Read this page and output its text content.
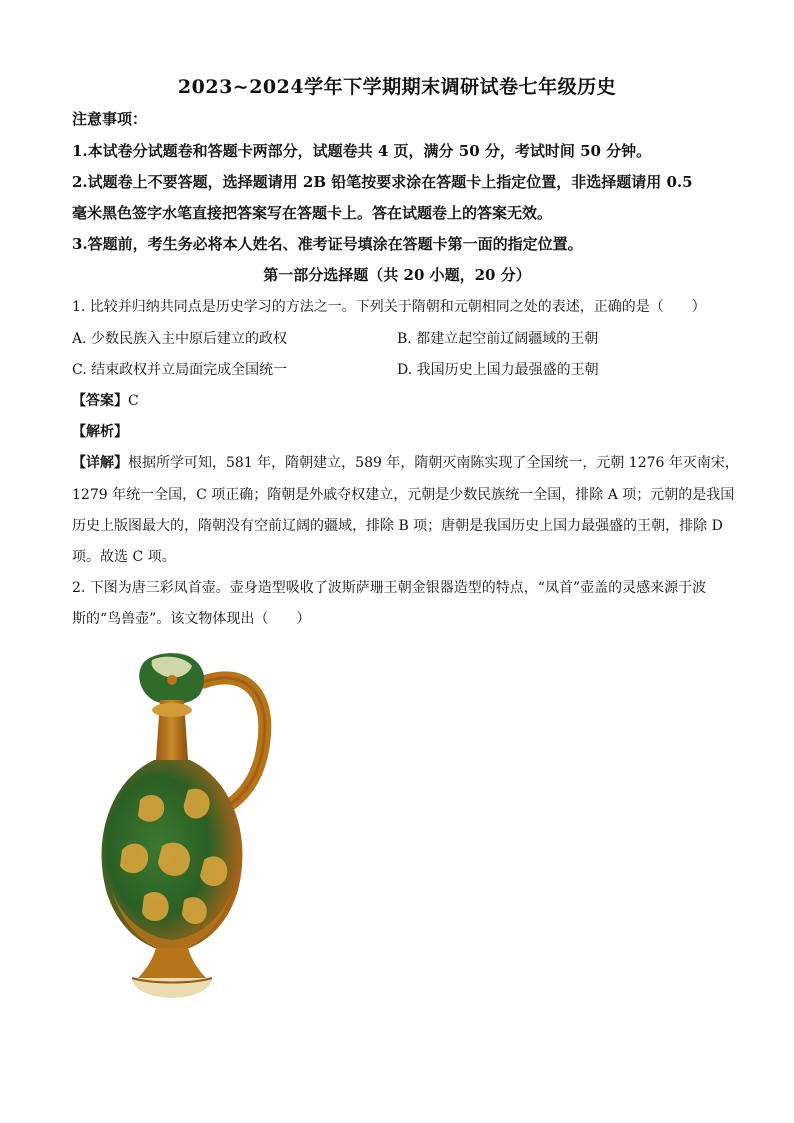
2023~2024学年下学期期末调研试卷七年级历史
注意事项：
1.本试卷分试题卷和答题卡两部分，试题卷共 4 页，满分 50 分，考试时间 50 分钟。
2.试题卷上不要答题，选择题请用 2B 铅笔按要求涂在答题卡上指定位置，非选择题请用 0.5
毫米黑色签字水笔直接把答案写在答题卡上。答在试题卷上的答案无效。
3.答题前，考生务必将本人姓名、准考证号填涂在答题卡第一面的指定位置。
第一部分选择题（共 20 小题，20 分）
1. 比较并归纳共同点是历史学习的方法之一。下列关于隋朝和元朝相同之处的表述，正确的是（　　）
A. 少数民族入主中原后建立的政权	B. 都建立起空前辽阔疆域的王朝
C. 结束政权并立局面完成全国统一	D. 我国历史上国力最强盛的王朝
【答案】C
【解析】
【详解】根据所学可知，581 年，隋朝建立，589 年，隋朝灭南陈实现了全国统一，元朝 1276 年灭南宋，
1279 年统一全国，C 项正确；隋朝是外戚夺权建立，元朝是少数民族统一全国，排除 A 项；元朝的是我国
历史上版图最大的，隋朝没有空前辽阔的疆域，排除 B 项；唐朝是我国历史上国力最强盛的王朝，排除 D
项。故选 C 项。
2. 下图为唐三彩凤首壶。壶身造型吸收了波斯萨珊王朝金银器造型的特点，“凤首”壶盖的灵感来源于波
斯的“鸟兽壶”。该文物体现出（　　）
